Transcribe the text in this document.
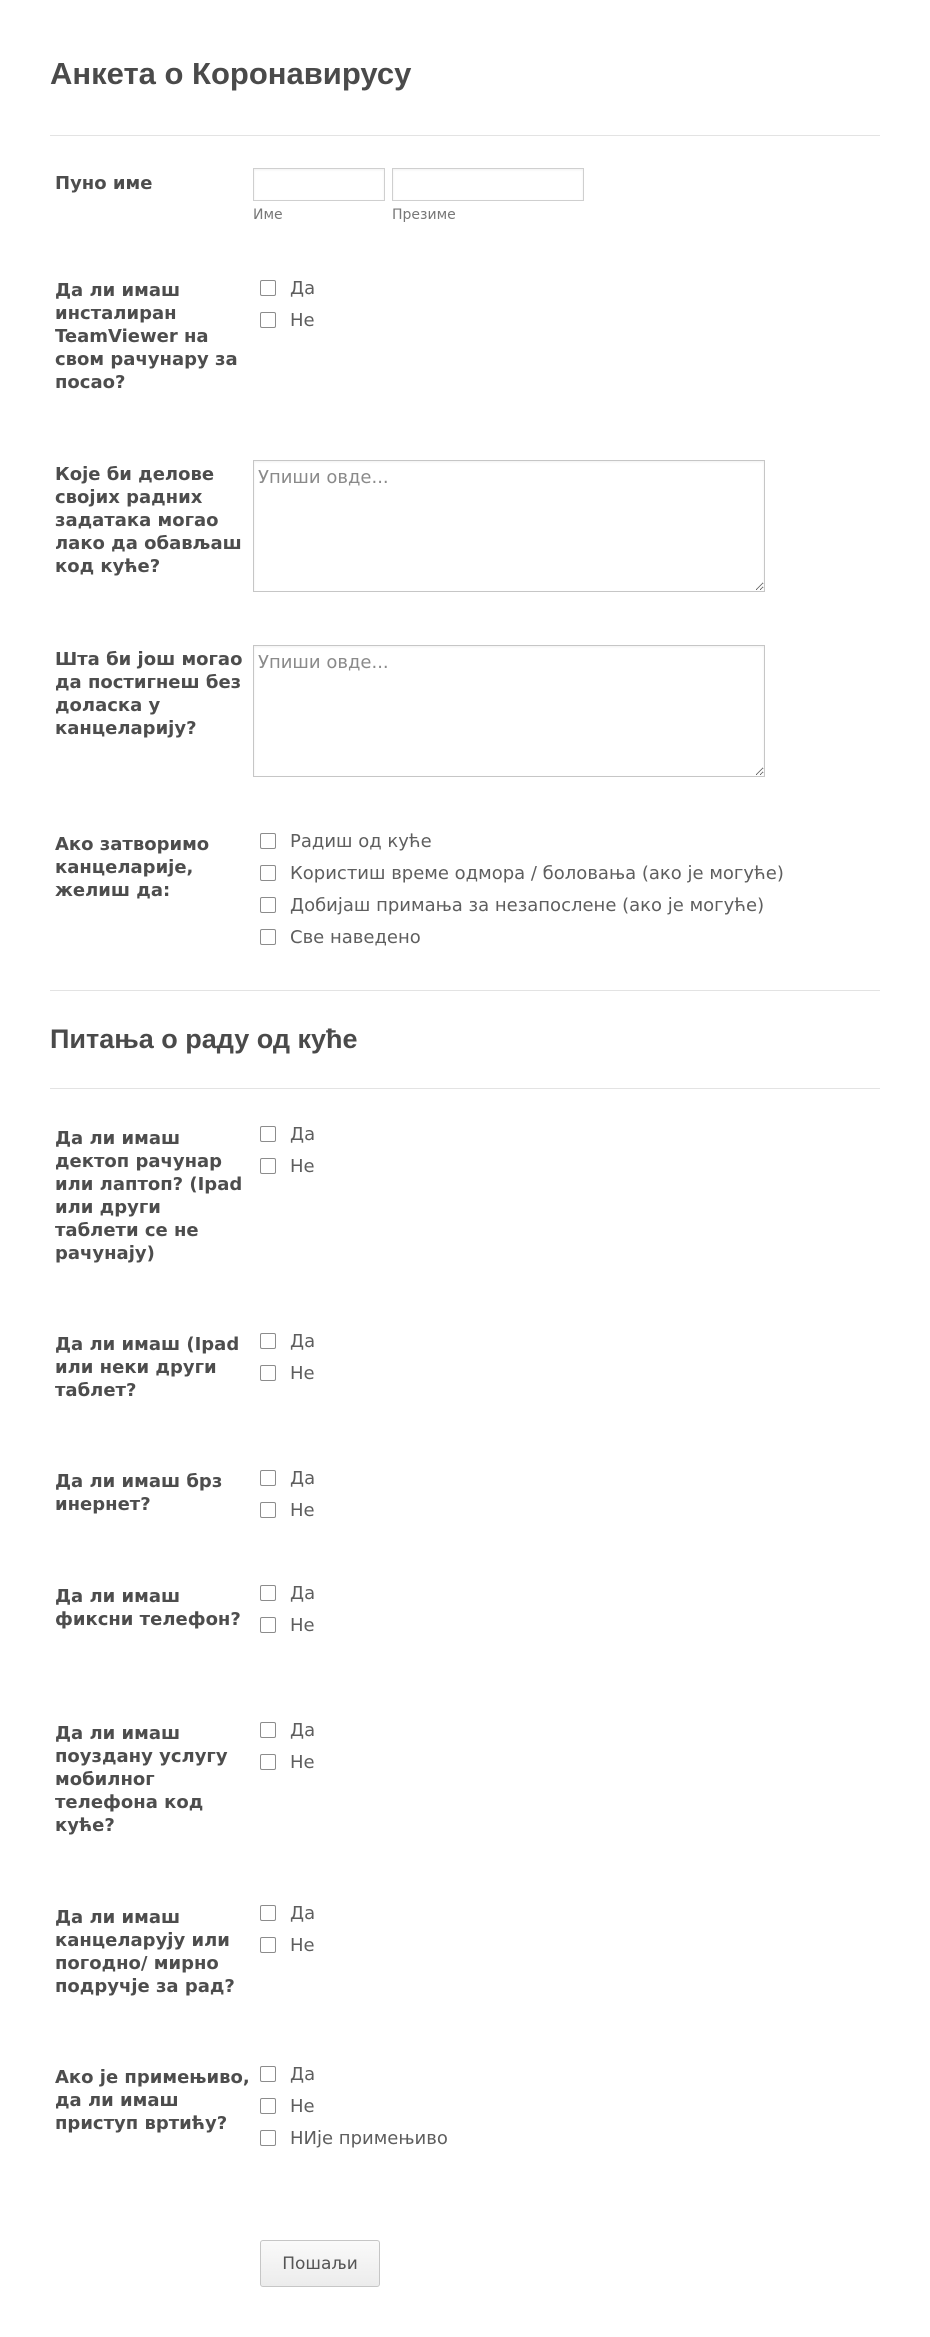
Анкета о Коронавирусу
Пуно име
Име	Презиме
Да ли имаш инсталиран TeamViewer на свом рачунару за посао?
Да
Не
Које би делове својих радних задатака могао лако да обављаш код куће?
Упиши овде...
Шта би још могао да постигнеш без доласка у канцеларију?
Упиши овде...
Ако затворимо канцеларије, желиш да:
Радиш од куће
Користиш време одмора / боловања (ако је могуће)
Добијаш примања за незапослене (ако је могуће)
Све наведено
Питања о раду од куће
Да ли имаш дектоп рачунар или лаптоп? (Ipad или други таблети се не рачунају)
Да
Не
Да ли имаш (Ipad или неки други таблет?
Да
Не
Да ли имаш брз инернет?
Да
Не
Да ли имаш фиксни телефон?
Да
Не
Да ли имаш поуздану услугу мобилног телефона код куће?
Да
Не
Да ли имаш канцеларују или погодно/ мирно подручје за рад?
Да
Не
Ако је примењиво, да ли имаш приступ вртићу?
Да
Не
НИје примењиво
Пошаљи
